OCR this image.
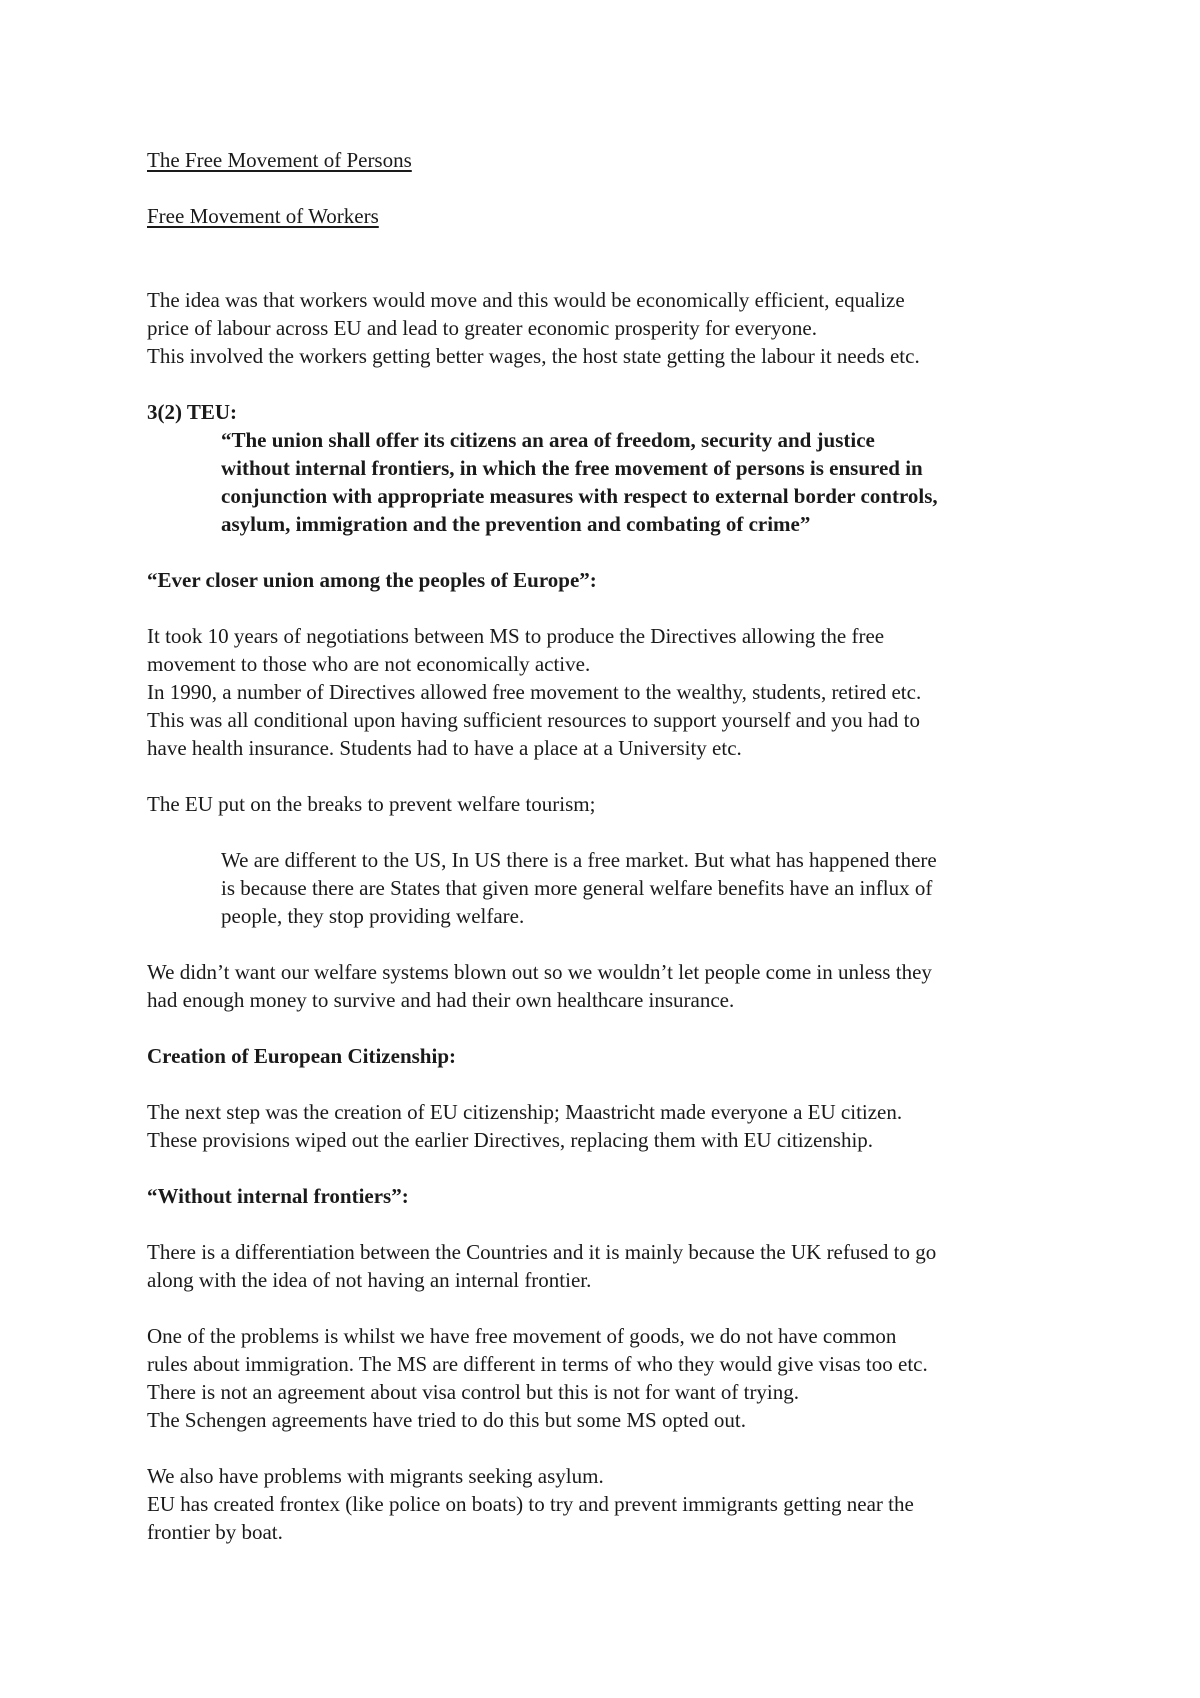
The Free Movement of Persons
Free Movement of Workers
The idea was that workers would move and this would be economically efficient, equalize
price of labour across EU and lead to greater economic prosperity for everyone.
This involved the workers getting better wages, the host state getting the labour it needs etc.
3(2) TEU:
“The union shall offer its citizens an area of freedom, security and justice
without internal frontiers, in which the free movement of persons is ensured in
conjunction with appropriate measures with respect to external border controls,
asylum, immigration and the prevention and combating of crime”
“Ever closer union among the peoples of Europe”:
It took 10 years of negotiations between MS to produce the Directives allowing the free
movement to those who are not economically active.
In 1990, a number of Directives allowed free movement to the wealthy, students, retired etc.
This was all conditional upon having sufficient resources to support yourself and you had to
have health insurance. Students had to have a place at a University etc.
The EU put on the breaks to prevent welfare tourism;
We are different to the US, In US there is a free market. But what has happened there
is because there are States that given more general welfare benefits have an influx of
people, they stop providing welfare.
We didn’t want our welfare systems blown out so we wouldn’t let people come in unless they
had enough money to survive and had their own healthcare insurance.
Creation of European Citizenship:
The next step was the creation of EU citizenship; Maastricht made everyone a EU citizen.
These provisions wiped out the earlier Directives, replacing them with EU citizenship.
“Without internal frontiers”:
There is a differentiation between the Countries and it is mainly because the UK refused to go
along with the idea of not having an internal frontier.
One of the problems is whilst we have free movement of goods, we do not have common
rules about immigration. The MS are different in terms of who they would give visas too etc.
There is not an agreement about visa control but this is not for want of trying.
The Schengen agreements have tried to do this but some MS opted out.
We also have problems with migrants seeking asylum.
EU has created frontex (like police on boats) to try and prevent immigrants getting near the
frontier by boat.
